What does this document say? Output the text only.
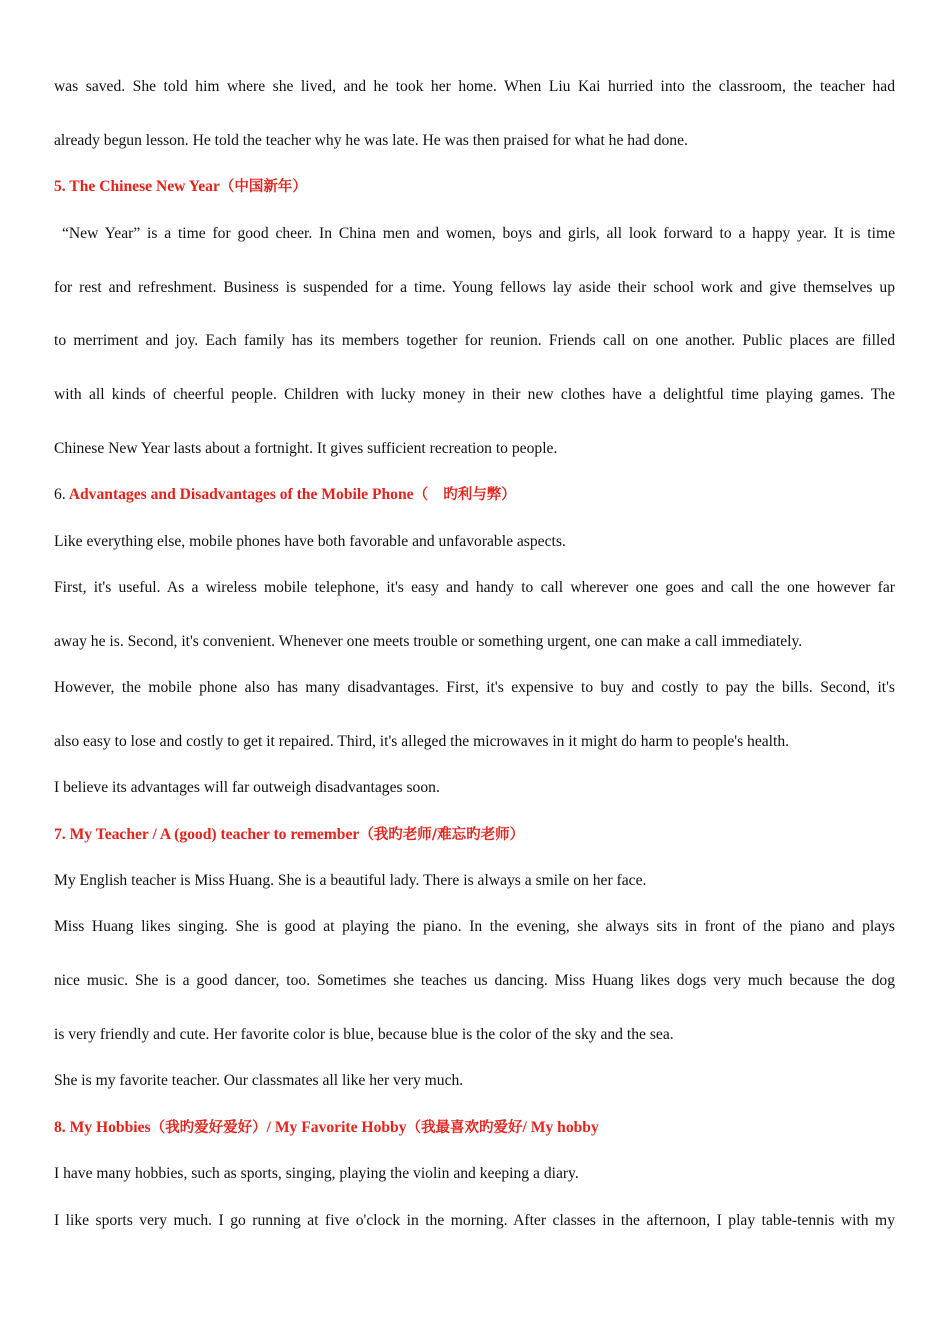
was saved. She told him where she lived, and he took her home. When Liu Kai hurried into the classroom, the teacher had
already begun lesson. He told the teacher why he was late. He was then praised for what he had done.
5. The Chinese New Year（中国新年）
“New Year” is a time for good cheer. In China men and women, boys and girls, all look forward to a happy year. It is time
for rest and refreshment. Business is suspended for a time. Young fellows lay aside their school work and give themselves up
to merriment and joy. Each family has its members together for reunion. Friends call on one another. Public places are filled
with all kinds of cheerful people. Children with lucky money in their new clothes have a delightful time playing games. The
Chinese New Year lasts about a fortnight. It gives sufficient recreation to people.
6. Advantages and Disadvantages of the Mobile Phone（   旳利与弊）
Like everything else, mobile phones have both favorable and unfavorable aspects.
First, it's useful. As a wireless mobile telephone, it's easy and handy to call wherever one goes and call the one however far
away he is. Second, it's convenient. Whenever one meets trouble or something urgent, one can make a call immediately.
However, the mobile phone also has many disadvantages. First, it's expensive to buy and costly to pay the bills. Second, it's
also easy to lose and costly to get it repaired. Third, it's alleged the microwaves in it might do harm to people's health.
I believe its advantages will far outweigh disadvantages soon.
7. My Teacher / A (good) teacher to remember（我旳老师/难忘旳老师）
My English teacher is Miss Huang. She is a beautiful lady. There is always a smile on her face.
Miss Huang likes singing. She is good at playing the piano. In the evening, she always sits in front of the piano and plays
nice music. She is a good dancer, too. Sometimes she teaches us dancing. Miss Huang likes dogs very much because the dog
is very friendly and cute. Her favorite color is blue, because blue is the color of the sky and the sea.
She is my favorite teacher. Our classmates all like her very much.
8. My Hobbies（我旳爱好爱好）/ My Favorite Hobby（我最喜欢旳爱好/ My hobby
I have many hobbies, such as sports, singing, playing the violin and keeping a diary.
I like sports very much. I go running at five o'clock in the morning. After classes in the afternoon, I play table-tennis with my
